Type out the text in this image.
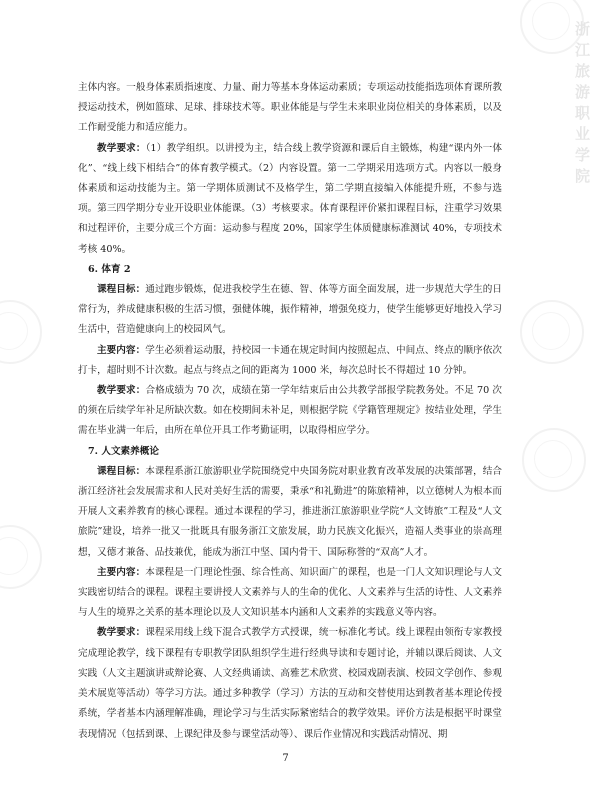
浙江旅游职业学院

主体内容。一般身体素质指速度、力量、耐力等基本身体运动素质；专项运动技能指选项体育课所教授运动技术，例如篮球、足球、排球技术等。职业体能是与学生未来职业岗位相关的身体素质，以及工作耐受能力和适应能力。

教学要求：（1）教学组织。以讲授为主，结合线上教学资源和课后自主锻炼，构建“课内外一体化”、“线上线下相结合”的体育教学模式。（2）内容设置。第一二学期采用选项方式。内容以一般身体素质和运动技能为主。第一学期体质测试不及格学生，第二学期直接编入体能提升班，不参与选项。第三四学期分专业开设职业体能课。（3）考核要求。体育课程评价紧扣课程目标，注重学习效果和过程评价，主要分成三个方面：运动参与程度 20%，国家学生体质健康标准测试 40%，专项技术考核 40%。

6. 体育 2

课程目标：通过跑步锻炼，促进我校学生在德、智、体等方面全面发展，进一步规范大学生的日常行为，养成健康积极的生活习惯，强健体魄，振作精神，增强免疫力，使学生能够更好地投入学习生活中，营造健康向上的校园风气。

主要内容：学生必须着运动服，持校园一卡通在规定时间内按照起点、中间点、终点的顺序依次打卡，超时则不计次数。起点与终点之间的距离为 1000 米，每次总时长不得超过 10 分钟。

教学要求：合格成绩为 70 次，成绩在第一学年结束后由公共教学部报学院教务处。不足 70 次的须在后续学年补足所缺次数。如在校期间未补足，则根据学院《学籍管理规定》按结业处理，学生需在毕业满一年后，由所在单位开具工作考勤证明，以取得相应学分。

7. 人文素养概论

课程目标：本课程系浙江旅游职业学院围绕党中央国务院对职业教育改革发展的决策部署，结合浙江经济社会发展需求和人民对美好生活的需要，秉承“和礼勤进”的陈旅精神，以立德树人为根本而开展人文素养教育的核心课程。通过本课程的学习，推进浙江旅游职业学院“人文铸旅”工程及“人文旅院”建设，培养一批又一批既具有服务浙江文旅发展，助力民族文化振兴，造福人类事业的崇高理想，又德才兼备、品技兼优，能成为浙江中坚、国内骨干、国际称誉的“双高”人才。

主要内容：本课程是一门理论性强、综合性高、知识面广的课程，也是一门人文知识理论与人文实践密切结合的课程。课程主要讲授人文素养与人的生命的优化、人文素养与生活的诗性、人文素养与人生的境界之关系的基本理论以及人文知识基本内涵和人文素养的实践意义等内容。

教学要求：课程采用线上线下混合式教学方式授课，统一标准化考试。线上课程由领衔专家教授完成理论教学，线下课程有专职教学团队组织学生进行经典导读和专题讨论，并辅以课后阅读、人文实践（人文主题演讲或辩论赛、人文经典诵读、高雅艺术欣赏、校园戏剧表演、校园文学创作、参观美术展览等活动）等学习方法。通过多种教学（学习）方法的互动和交替使用达到教者基本理论传授系统，学者基本内涵理解准确，理论学习与生活实际紧密结合的教学效果。评价方法是根据平时课堂表现情况（包括到课、上课纪律及参与课堂活动等）、课后作业情况和实践活动情况、期

7
